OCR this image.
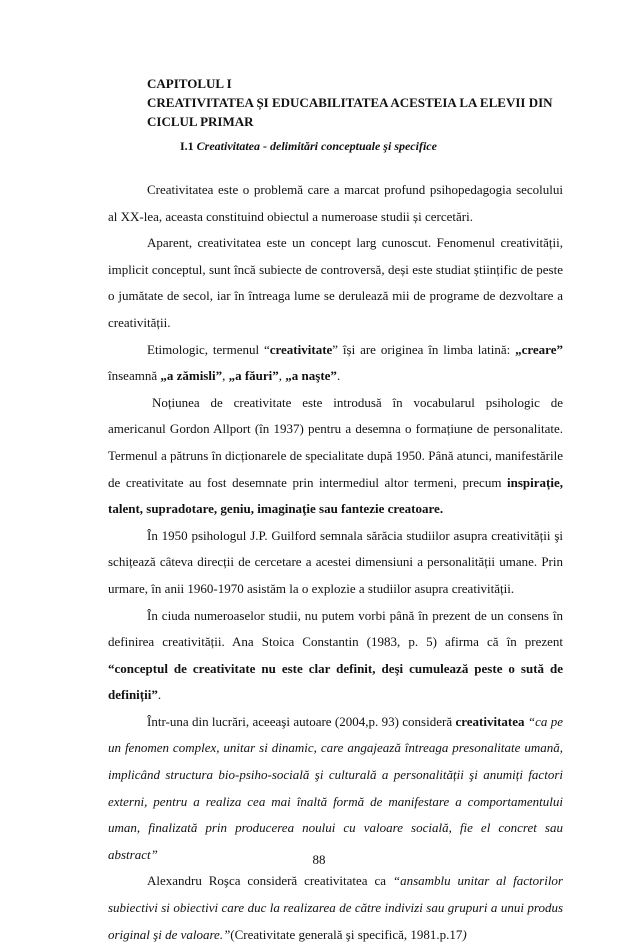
CAPITOLUL I
CREATIVITATEA ȘI EDUCABILITATEA ACESTEIA LA ELEVII DIN
CICLUL PRIMAR
I.1 Creativitatea - delimitări conceptuale şi specifice

Creativitatea este o problemă care a marcat profund psihopedagogia secolului al XX-lea, aceasta constituind obiectul a numeroase studii și cercetări.

Aparent, creativitatea este un concept larg cunoscut. Fenomenul creativității, implicit conceptul, sunt încă subiecte de controversă, deși este studiat științific de peste o jumătate de secol, iar în întreaga lume se derulează mii de programe de dezvoltare a creativității.

Etimologic, termenul “creativitate” își are originea în limba latină: „creare” înseamnă „a zămisli”, „a făuri”, „a naşte”.

Noțiunea de creativitate este introdusă în vocabularul psihologic de americanul Gordon Allport (în 1937) pentru a desemna o formațiune de personalitate. Termenul a pătruns în dicționarele de specialitate după 1950. Până atunci, manifestările de creativitate au fost desemnate prin intermediul altor termeni, precum inspirație, talent, supradotare, geniu, imaginaţie sau fantezie creatoare.

În 1950 psihologul J.P. Guilford semnala sărăcia studiilor asupra creativității şi schițează câteva direcții de cercetare a acestei dimensiuni a personalității umane. Prin urmare, în anii 1960-1970 asistăm la o explozie a studiilor asupra creativității.

În ciuda numeroaselor studii, nu putem vorbi până în prezent de un consens în definirea creativității. Ana Stoica Constantin (1983, p. 5) afirma că în prezent “conceptul de creativitate nu este clar definit, deşi cumulează peste o sută de definiții”.

Într-una din lucrări, aceeaşi autoare (2004,p. 93) consideră creativitatea “ca pe un fenomen complex, unitar si dinamic, care angajează întreaga presonalitate umană, implicând structura bio-psiho-socială şi culturală a personalității şi anumiți factori externi, pentru a realiza cea mai înaltă formă de manifestare a comportamentului uman, finalizată prin producerea noului cu valoare socială, fie el concret sau abstract”

Alexandru Roşca consideră creativitatea ca “ansamblu unitar al factorilor subiectivi si obiectivi care duc la realizarea de către indivizi sau grupuri a unui produs original şi de valoare.”(Creativitate generală şi specifică, 1981.p.17)

88
